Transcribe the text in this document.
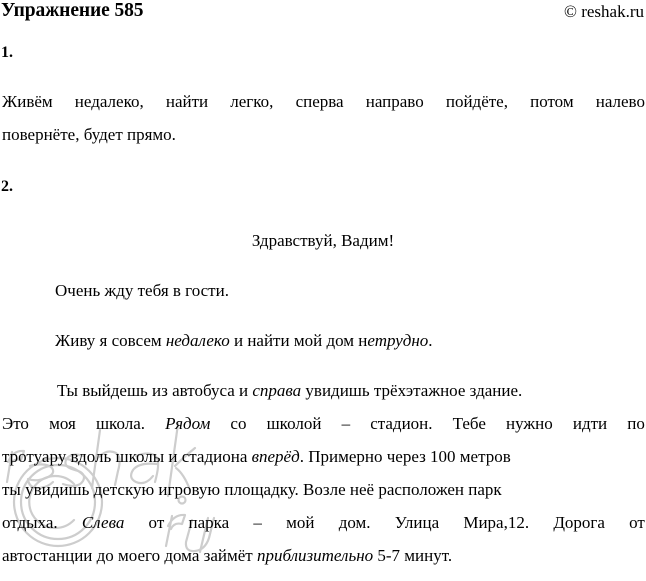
Упражнение 585	© reshak.ru
1.
Живём недалеко, найти легко, сперва направо пойдёте, потом налево
повернёте, будет прямо.
2.
Здравствуй, Вадим!
Очень жду тебя в гости.
Живу я совсем недалеко и найти мой дом нетрудно.
Ты выйдешь из автобуса и справа увидишь трёхэтажное здание.
Это моя школа. Рядом со школой – стадион. Тебе нужно идти по
тротуару вдоль школы и стадиона вперёд. Примерно через 100 метров
ты увидишь детскую игровую площадку. Возле неё расположен парк
отдыха. Слева от парка – мой дом. Улица Мира,12. Дорога от
автостанции до моего дома займёт приблизительно 5-7 минут.
